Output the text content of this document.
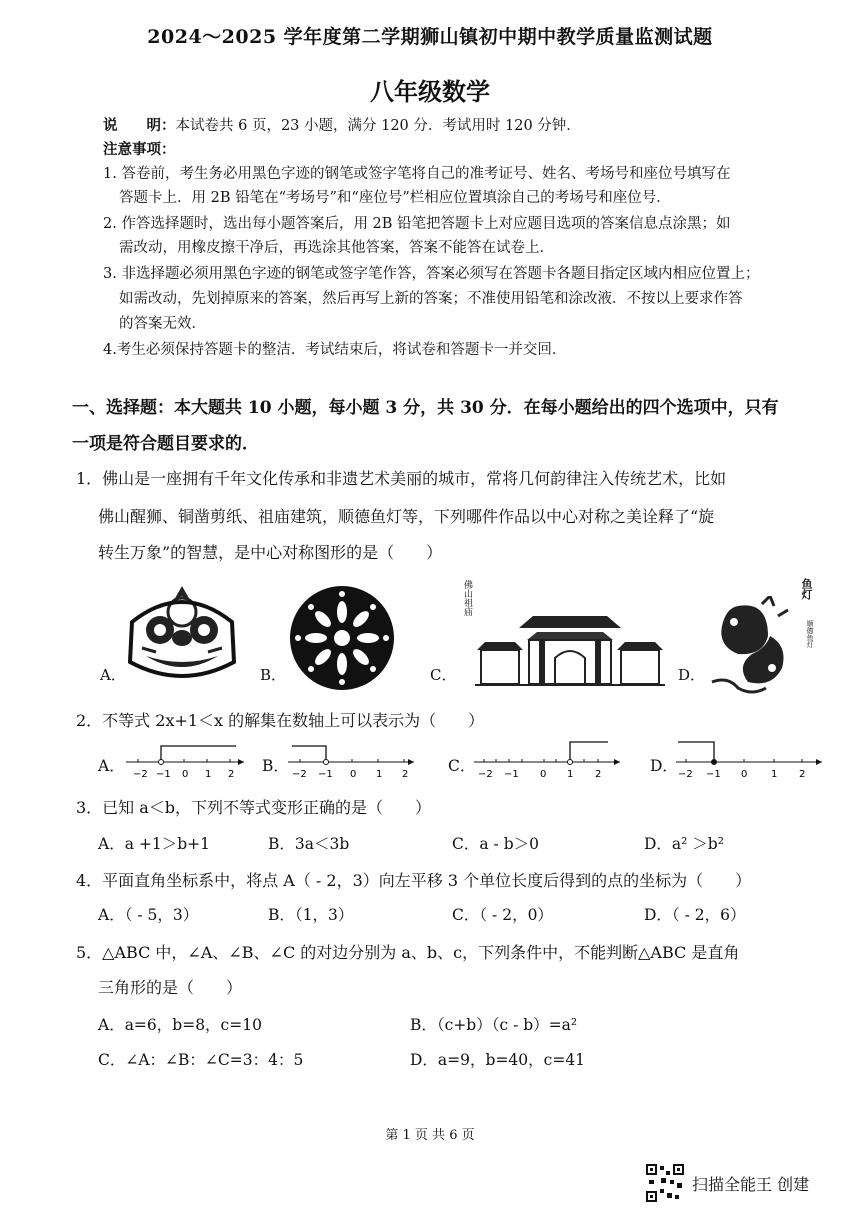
2024～2025 学年度第二学期狮山镇初中期中教学质量监测试题
八年级数学
说　　明：本试卷共 6 页，23 小题，满分 120 分．考试用时 120 分钟．
注意事项：
1. 答卷前，考生务必用黑色字迹的钢笔或签字笔将自己的准考证号、姓名、考场号和座位号填写在
答题卡上．用 2B 铅笔在“考场号”和“座位号”栏相应位置填涂自己的考场号和座位号．
2. 作答选择题时，选出每小题答案后，用 2B 铅笔把答题卡上对应题目选项的答案信息点涂黑；如
需改动，用橡皮擦干净后，再选涂其他答案，答案不能答在试卷上．
3. 非选择题必须用黑色字迹的钢笔或签字笔作答，答案必须写在答题卡各题目指定区域内相应位置上；
如需改动，先划掉原来的答案，然后再写上新的答案；不准使用铅笔和涂改液．不按以上要求作答
的答案无效．
4.考生必须保持答题卡的整洁．考试结束后，将试卷和答题卡一并交回．
一、选择题：本大题共 10 小题，每小题 3 分，共 30 分．在每小题给出的四个选项中，只有
一项是符合题目要求的．
1．佛山是一座拥有千年文化传承和非遗艺术美丽的城市，常将几何韵律注入传统艺术，比如
佛山醒狮、铜凿剪纸、祖庙建筑，顺德鱼灯等，下列哪件作品以中心对称之美诠释了“旋
转生万象”的智慧，是中心对称图形的是（　　）
A．	B．	C．
佛山祖庙
D．
鱼灯
顺德鱼灯
2．不等式 2x+1＜x 的解集在数轴上可以表示为（　　）
A． −2 −1 0 1 2 B． −2 −1 0 1 2	C． −2 −1 0 1 2	D． −2 −1 0 1 2
3．已知 a＜b，下列不等式变形正确的是（　　）
A．a +1＞b+1	B．3a＜3b	C．a - b＞0	D．a² ＞b²
4．平面直角坐标系中，将点 A（ - 2，3）向左平移 3 个单位长度后得到的点的坐标为（　　）
A．（ - 5，3）	B．（1，3）	C．（ - 2，0）	D．（ - 2，6）
5．△ABC 中，∠A、∠B、∠C 的对边分别为 a、b、c，下列条件中，不能判断△ABC 是直角
三角形的是（　　）
A．a=6，b=8，c=10	B．（c+b）（c - b）=a²
C．∠A：∠B：∠C=3：4：5	D．a=9，b=40，c=41
第 1 页 共 6 页
扫描全能王 创建
